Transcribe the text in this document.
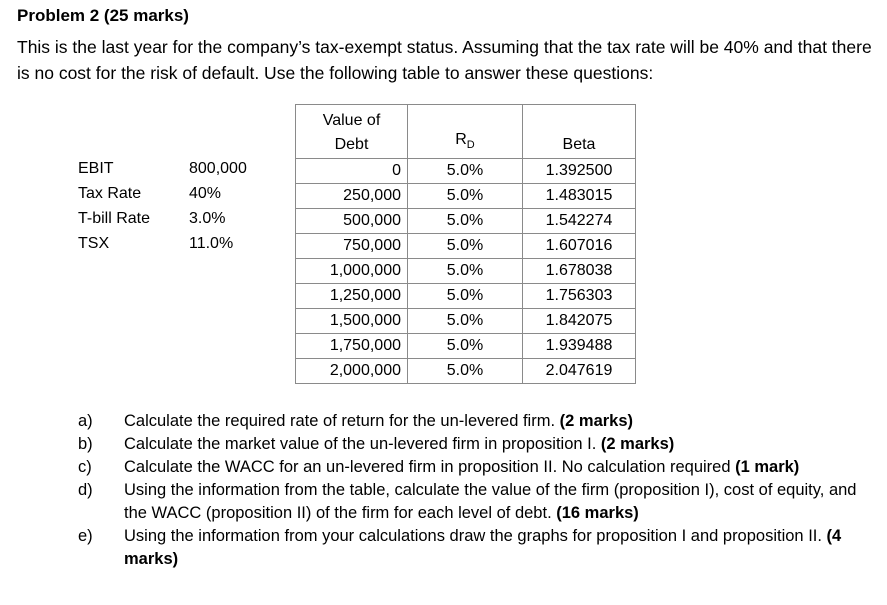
Problem 2 (25 marks)
This is the last year for the company’s tax-exempt status. Assuming that the tax rate will be 40% and that there is no cost for the risk of default. Use the following table to answer these questions:
EBIT	800,000
Tax Rate	40%
T-bill Rate 3.0%
TSX	11.0%
Value of
Debt	$R_D$	Beta
0	5.0%	1.392500
250,000	5.0%	1.483015
500,000	5.0%	1.542274
750,000	5.0%	1.607016
1,000,000	5.0%	1.678038
1,250,000	5.0%	1.756303
1,500,000	5.0%	1.842075
1,750,000	5.0%	1.939488
2,000,000	5.0%	2.047619
a) Calculate the required rate of return for the un-levered firm. (2 marks)
b) Calculate the market value of the un-levered firm in proposition I. (2 marks)
c) Calculate the WACC for an un-levered firm in proposition II. No calculation required (1 mark)
d) Using the information from the table, calculate the value of the firm (proposition I), cost of equity, and the WACC (proposition II) of the firm for each level of debt. (16 marks)
e) Using the information from your calculations draw the graphs for proposition I and proposition II. (4 marks)
